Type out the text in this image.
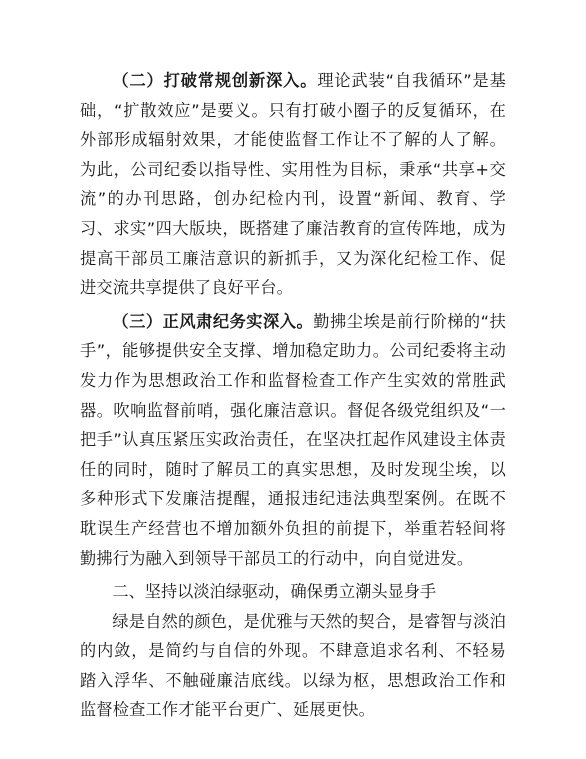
（二）打破常规创新深入。理论武装“自我循环”是基础，“扩散效应”是要义。只有打破小圈子的反复循环，在外部形成辐射效果，才能使监督工作让不了解的人了解。为此，公司纪委以指导性、实用性为目标，秉承“共享+交流”的办刊思路，创办纪检内刊，设置“新闻、教育、学习、求实”四大版块，既搭建了廉洁教育的宣传阵地，成为提高干部员工廉洁意识的新抓手，又为深化纪检工作、促进交流共享提供了良好平台。

（三）正风肃纪务实深入。勤拂尘埃是前行阶梯的“扶手”，能够提供安全支撑、增加稳定助力。公司纪委将主动发力作为思想政治工作和监督检查工作产生实效的常胜武器。吹响监督前哨，强化廉洁意识。督促各级党组织及“一把手”认真压紧压实政治责任，在坚决扛起作风建设主体责任的同时，随时了解员工的真实思想，及时发现尘埃，以多种形式下发廉洁提醒，通报违纪违法典型案例。在既不耽误生产经营也不增加额外负担的前提下，举重若轻间将勤拂行为融入到领导干部员工的行动中，向自觉进发。

二、坚持以淡泊绿驱动，确保勇立潮头显身手

绿是自然的颜色，是优雅与天然的契合，是睿智与淡泊的内敛，是简约与自信的外现。不肆意追求名利、不轻易踏入浮华、不触碰廉洁底线。以绿为枢，思想政治工作和监督检查工作才能平台更广、延展更快。
